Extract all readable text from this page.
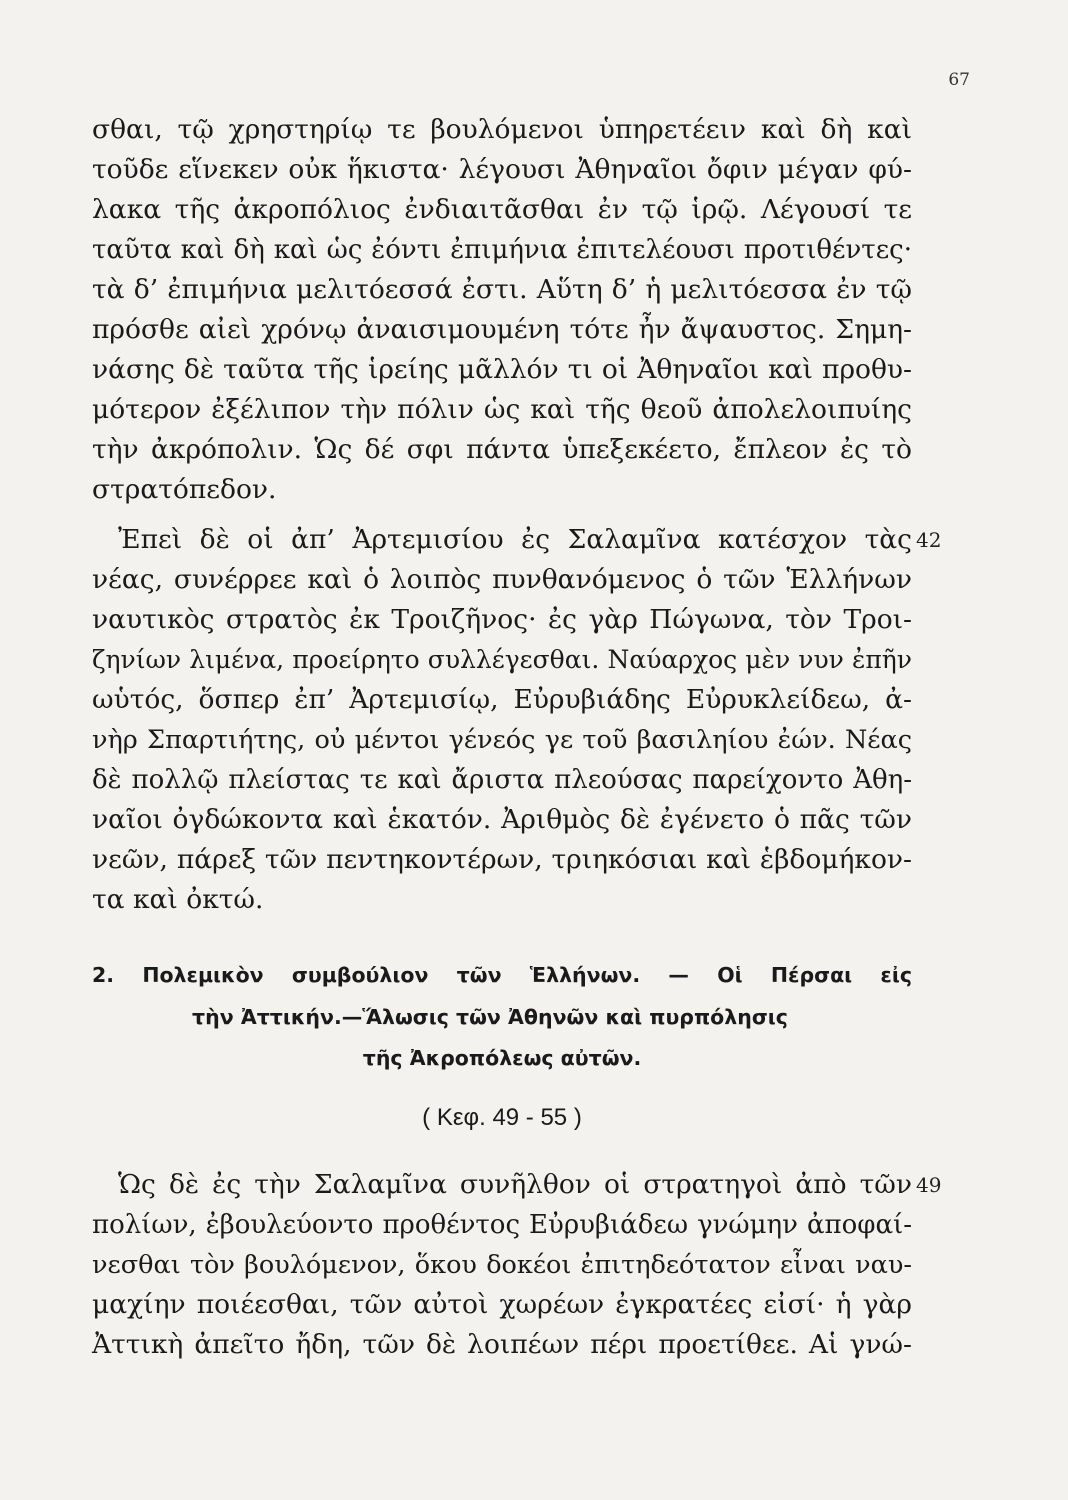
67
σθαι, τῷ χρηστηρίῳ τε βουλόμενοι ὑπηρετέειν καὶ δὴ καὶ
τοῦδε εἵνεκεν οὐκ ἥκιστα· λέγουσι Ἀθηναῖοι ὄφιν μέγαν φύ-
λακα τῆς ἀκροπόλιος ἐνδιαιτᾶσθαι ἐν τῷ ἱρῷ. Λέγουσί τε
ταῦτα καὶ δὴ καὶ ὡς ἐόντι ἐπιμήνια ἐπιτελέουσι προτιθέντες·
τὰ δ’ ἐπιμήνια μελιτόεσσά ἐστι. Αὕτη δ’ ἡ μελιτόεσσα ἐν τῷ
πρόσθε αἰεὶ χρόνῳ ἀναισιμουμένη τότε ἦν ἄψαυστος. Σημη-
νάσης δὲ ταῦτα τῆς ἱρείης μᾶλλόν τι οἱ Ἀθηναῖοι καὶ προθυ-
μότερον ἐξέλιπον τὴν πόλιν ὡς καὶ τῆς θεοῦ ἀπολελοιπυίης
τὴν ἀκρόπολιν. Ὡς δέ σφι πάντα ὑπεξεκέετο, ἔπλεον ἐς τὸ
στρατόπεδον.
Ἐπεὶ δὲ οἱ ἀπ’ Ἀρτεμισίου ἐς Σαλαμῖνα κατέσχον τὰς 42
νέας, συνέρρεε καὶ ὁ λοιπὸς πυνθανόμενος ὁ τῶν Ἑλλήνων
ναυτικὸς στρατὸς ἐκ Τροιζῆνος· ἐς γὰρ Πώγωνα, τὸν Τροι-
ζηνίων λιμένα, προείρητο συλλέγεσθαι. Ναύαρχος μὲν νυν ἐπῆν
ωὑτός, ὅσπερ ἐπ’ Ἀρτεμισίῳ, Εὐρυβιάδης Εὐρυκλείδεω, ἀ-
νὴρ Σπαρτιήτης, οὐ μέντοι γένεός γε τοῦ βασιληίου ἐών. Νέας
δὲ πολλῷ πλείστας τε καὶ ἄριστα πλεούσας παρείχοντο Ἀθη-
ναῖοι ὀγδώκοντα καὶ ἑκατόν. Ἀριθμὸς δὲ ἐγένετο ὁ πᾶς τῶν
νεῶν, πάρεξ τῶν πεντηκοντέρων, τριηκόσιαι καὶ ἑβδομήκον-
τα καὶ ὀκτώ.
2. Πολεμικὸν συμβούλιον τῶν Ἑλλήνων. — Οἱ Πέρσαι εἰς
τὴν Ἀττικήν.—Ἅλωσις τῶν Ἀθηνῶν καὶ πυρπόλησις
τῆς Ἀκροπόλεως αὐτῶν.
( Κεφ. 49 - 55 )
Ὡς δὲ ἐς τὴν Σαλαμῖνα συνῆλθον οἱ στρατηγοὶ ἀπὸ τῶν 49
πολίων, ἐβουλεύοντο προθέντος Εὐρυβιάδεω γνώμην ἀποφαί-
νεσθαι τὸν βουλόμενον, ὅκου δοκέοι ἐπιτηδεότατον εἶναι ναυ-
μαχίην ποιέεσθαι, τῶν αὐτοὶ χωρέων ἐγκρατέες εἰσί· ἡ γὰρ
Ἀττικὴ ἀπεῖτο ἤδη, τῶν δὲ λοιπέων πέρι προετίθεε. Αἱ γνώ-
